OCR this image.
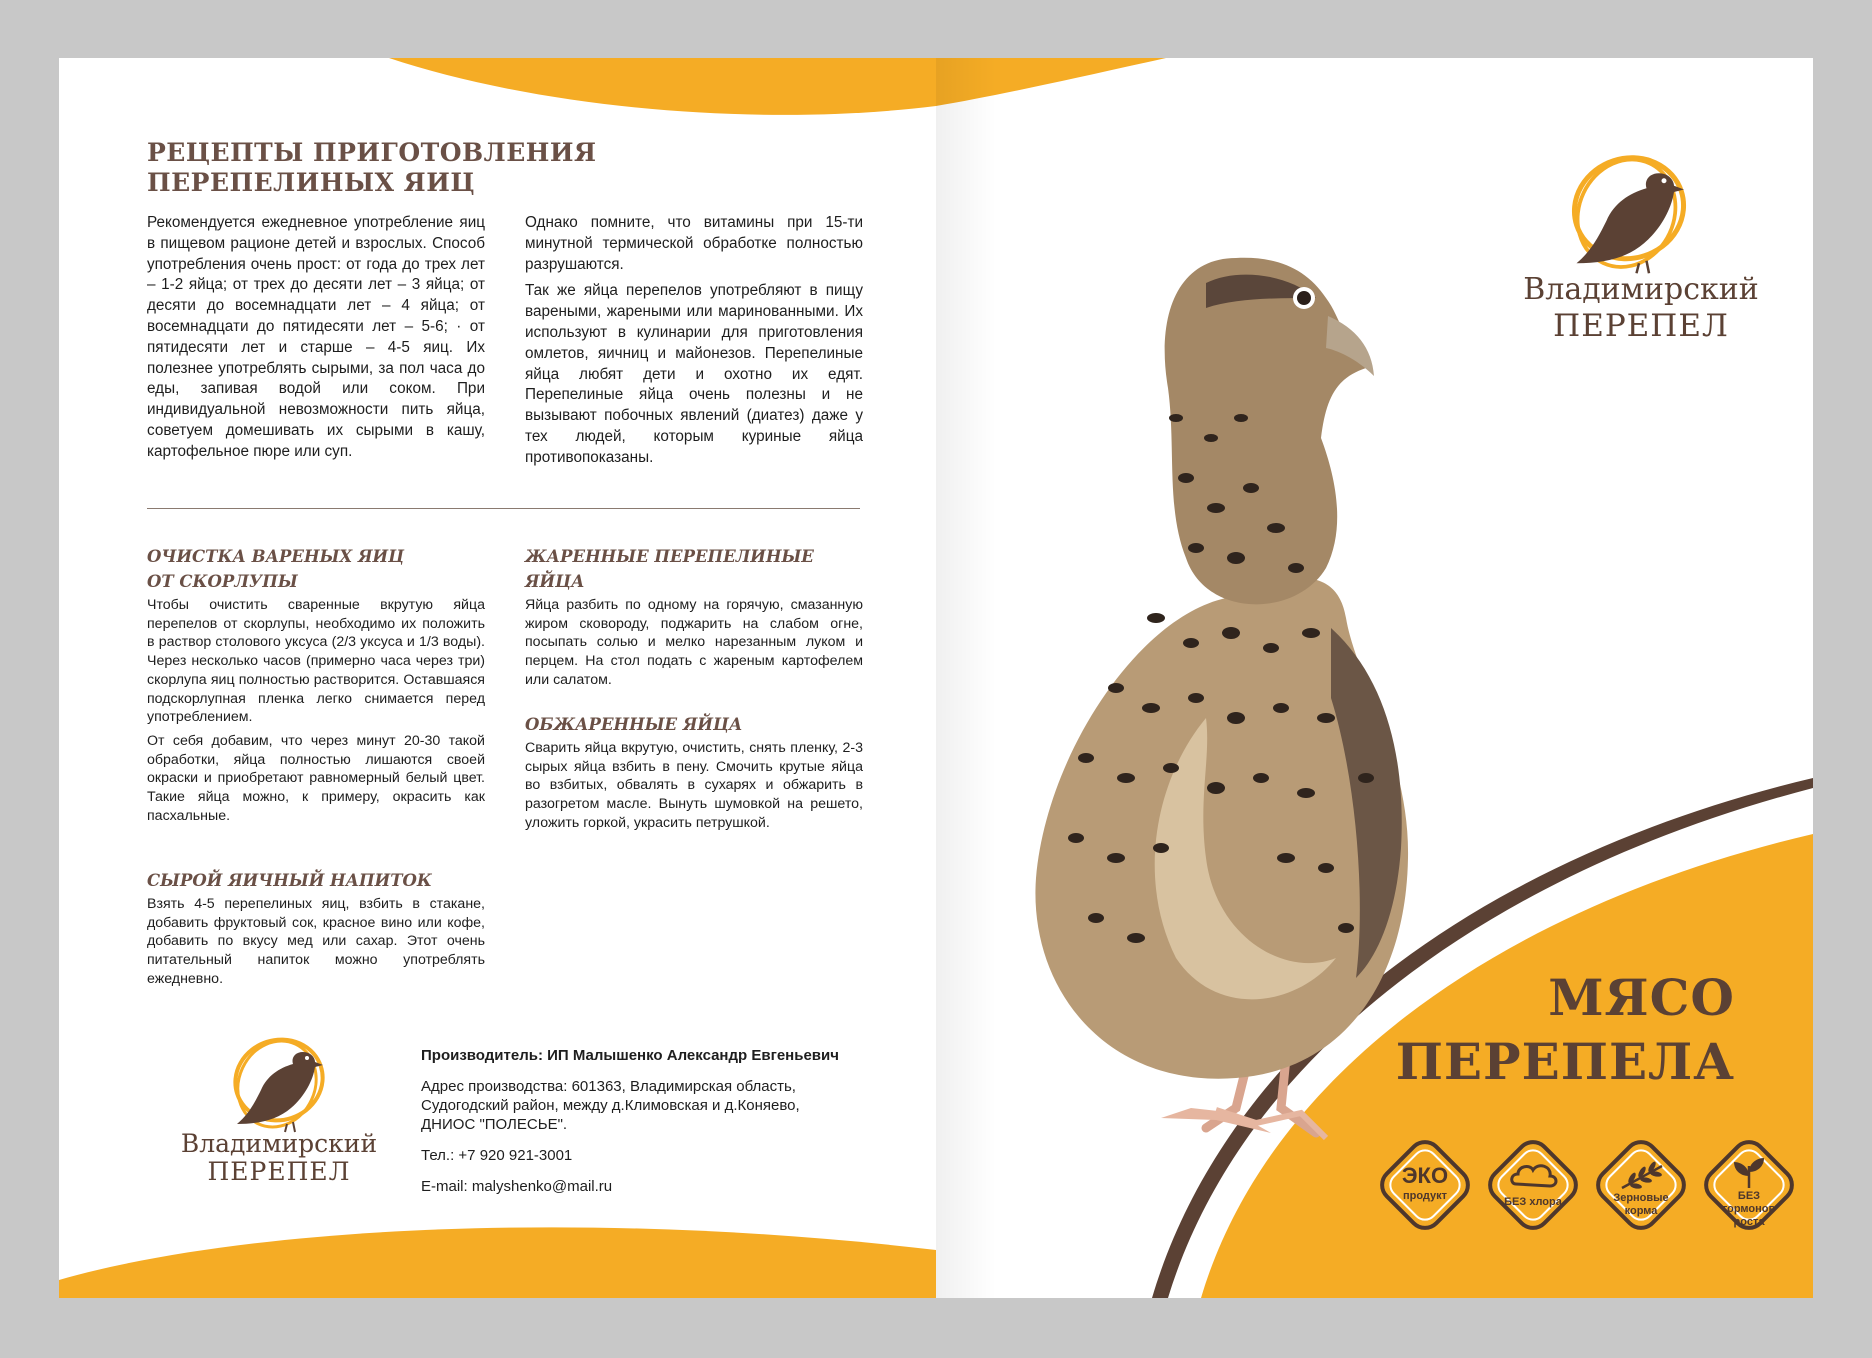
РЕЦЕПТЫ ПРИГОТОВЛЕНИЯ
ПЕРЕПЕЛИНЫХ ЯИЦ

Рекомендуется ежедневное употребление яиц в пищевом рационе детей и взрослых. Способ употребления очень прост: от года до трех лет – 1-2 яйца; от трех до десяти лет – 3 яйца; от десяти до восемнадцати лет – 4 яйца; от восемнадцати до пятидесяти лет – 5-6; · от пятидесяти лет и старше – 4-5 яиц. Их полезнее употреблять сырыми, за пол часа до еды, запивая водой или соком. При индивидуальной невозможности пить яйца, советуем домешивать их сырыми в кашу, картофельное пюре или суп.

Однако помните, что витамины при 15-ти минутной термической обработке полностью разрушаются.

Так же яйца перепелов употребляют в пищу вареными, жареными или маринованными. Их используют в кулинарии для приготовления омлетов, яичниц и майонезов. Перепелиные яйца любят дети и охотно их едят. Перепелиные яйца очень полезны и не вызывают побочных явлений (диатез) даже у тех людей, которым куриные яйца противопоказаны.

ОЧИСТКА ВАРЕНЫХ ЯИЦ
ОТ СКОРЛУПЫ

Чтобы очистить сваренные вкрутую яйца перепелов от скорлупы, необходимо их положить в раствор столового уксуса (2/3 уксуса и 1/3 воды). Через несколько часов (примерно часа через три) скорлупа яиц полностью растворится. Оставшаяся подскорлупная пленка легко снимается перед употреблением.

От себя добавим, что через минут 20-30 такой обработки, яйца полностью лишаются своей окраски и приобретают равномерный белый цвет. Такие яйца можно, к примеру, окрасить как пасхальные.

СЫРОЙ ЯИЧНЫЙ НАПИТОК

Взять 4-5 перепелиных яиц, взбить в стакане, добавить фруктовый сок, красное вино или кофе, добавить по вкусу мед или сахар. Этот очень питательный напиток можно употреблять ежедневно.

ЖАРЕННЫЕ ПЕРЕПЕЛИНЫЕ
ЯЙЦА

Яйца разбить по одному на горячую, смазанную жиром сковороду, поджарить на слабом огне, посыпать солью и мелко нарезанным луком и перцем. На стол подать с жареным картофелем или салатом.

ОБЖАРЕННЫЕ ЯЙЦА

Сварить яйца вкрутую, очистить, снять пленку, 2-3 сырых яйца взбить в пену. Смочить крутые яйца во взбитых, обвалять в сухарях и обжарить в разогретом масле. Вынуть шумовкой на решето, уложить горкой, украсить петрушкой.

Владимирский
ПЕРЕПЕЛ
Производитель: ИП Малышенко Александр Евгеньевич
Адрес производства: 601363, Владимирская область,
Судогодский район, между д.Климовская и д.Коняево,
ДНИОС "ПОЛЕСЬЕ".
Тел.: +7 920 921-3001
E-mail: malyshenko@mail.ru
Владимирский
ПЕРЕПЕЛ
МЯСО
ПЕРЕПЕЛА
ЭКО
продукт	БЕЗ хлора	Зерновые корма
БЕЗ гормонов роста
